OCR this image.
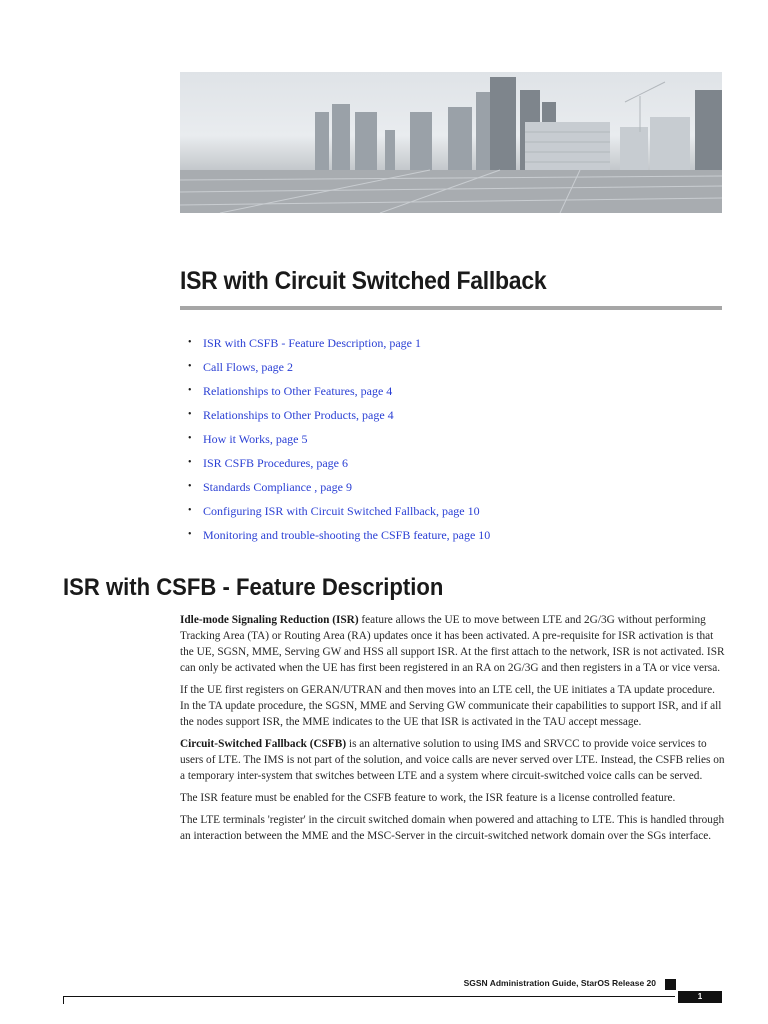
ISR with Circuit Switched Fallback
• ISR with CSFB - Feature Description, page 1
• Call Flows, page 2
• Relationships to Other Features, page 4
• Relationships to Other Products, page 4
• How it Works, page 5
• ISR CSFB Procedures, page 6
• Standards Compliance , page 9
• Configuring ISR with Circuit Switched Fallback, page 10
• Monitoring and trouble-shooting the CSFB feature, page 10
ISR with CSFB - Feature Description

Idle-mode Signaling Reduction (ISR) feature allows the UE to move between LTE and 2G/3G without performing Tracking Area (TA) or Routing Area (RA) updates once it has been activated. A pre-requisite for ISR activation is that the UE, SGSN, MME, Serving GW and HSS all support ISR. At the first attach to the network, ISR is not activated. ISR can only be activated when the UE has first been registered in an RA on 2G/3G and then registers in a TA or vice versa.

If the UE first registers on GERAN/UTRAN and then moves into an LTE cell, the UE initiates a TA update procedure. In the TA update procedure, the SGSN, MME and Serving GW communicate their capabilities to support ISR, and if all the nodes support ISR, the MME indicates to the UE that ISR is activated in the TAU accept message.

Circuit-Switched Fallback (CSFB) is an alternative solution to using IMS and SRVCC to provide voice services to users of LTE. The IMS is not part of the solution, and voice calls are never served over LTE. Instead, the CSFB relies on a temporary inter-system that switches between LTE and a system where circuit-switched voice calls can be served.

The ISR feature must be enabled for the CSFB feature to work, the ISR feature is a license controlled feature.

The LTE terminals 'register' in the circuit switched domain when powered and attaching to LTE. This is handled through an interaction between the MME and the MSC-Server in the circuit-switched network domain over the SGs interface.

SGSN Administration Guide, StarOS Release 20
1
